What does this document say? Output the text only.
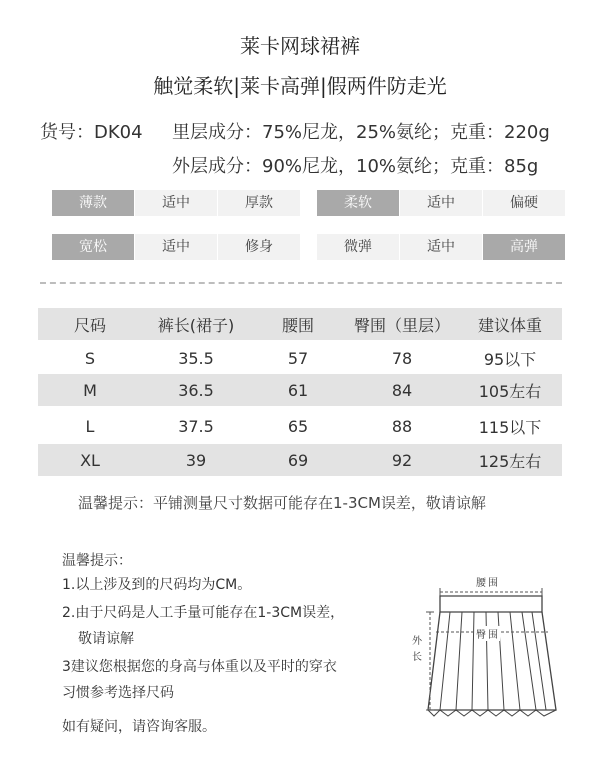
莱卡网球裙裤
触觉柔软|莱卡高弹|假两件防走光
货号：DK04 里层成分：75%尼龙，25%氨纶；克重：220g
外层成分：90%尼龙，10%氨纶；克重：85g
薄款	适中	厚款	柔软	适中	偏硬
宽松	适中	修身	微弹	适中	高弹
尺码	裤长(裙子)	腰围	臀围（里层）	建议体重
S	35.5	57	78	95以下
M	36.5	61	84	105左右
L	37.5	65	88	115以下
XL	39	69	92	125左右
温馨提示：平铺测量尺寸数据可能存在1-3CM误差，敬请谅解
温馨提示：
1.以上涉及到的尺码均为CM。
2.由于尺码是人工手量可能存在1-3CM误差，
敬请谅解
3建议您根据您的身高与体重以及平时的穿衣
习惯参考选择尺码
如有疑问，请咨询客服。
腰围
臀围
外长
